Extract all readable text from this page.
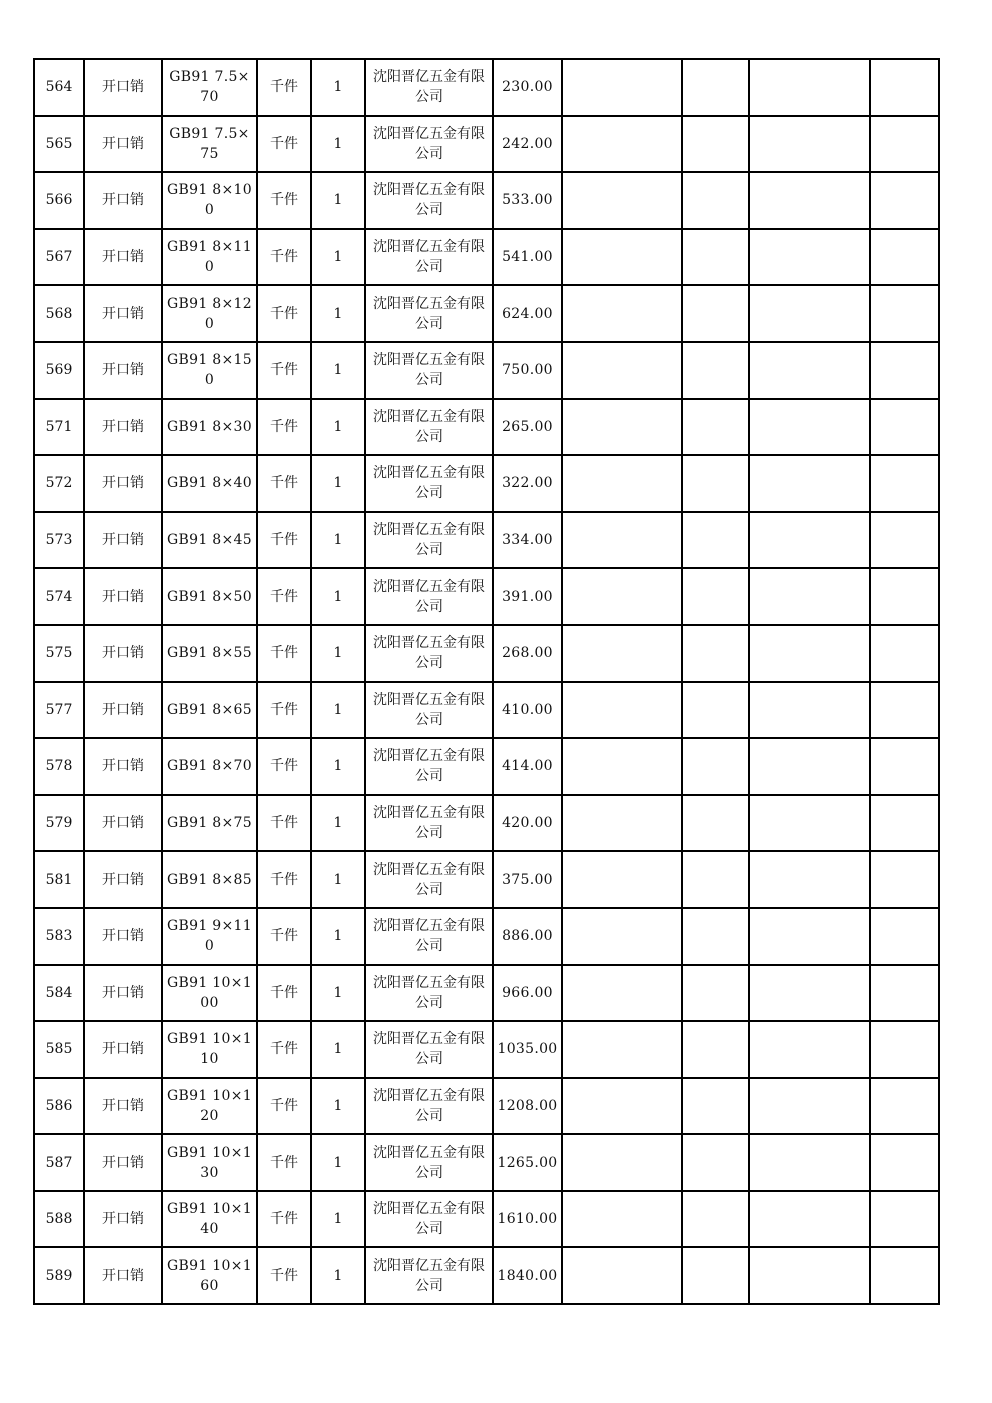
564	开口销	GB91 7.5×70	千件	1	沈阳晋亿五金有限公司	230.00				
565	开口销	GB91 7.5×75	千件	1	沈阳晋亿五金有限公司	242.00				
566	开口销	GB91 8×100	千件	1	沈阳晋亿五金有限公司	533.00				
567	开口销	GB91 8×110	千件	1	沈阳晋亿五金有限公司	541.00				
568	开口销	GB91 8×120	千件	1	沈阳晋亿五金有限公司	624.00				
569	开口销	GB91 8×150	千件	1	沈阳晋亿五金有限公司	750.00				
571	开口销	GB91 8×30	千件	1	沈阳晋亿五金有限公司	265.00				
572	开口销	GB91 8×40	千件	1	沈阳晋亿五金有限公司	322.00				
573	开口销	GB91 8×45	千件	1	沈阳晋亿五金有限公司	334.00				
574	开口销	GB91 8×50	千件	1	沈阳晋亿五金有限公司	391.00				
575	开口销	GB91 8×55	千件	1	沈阳晋亿五金有限公司	268.00				
577	开口销	GB91 8×65	千件	1	沈阳晋亿五金有限公司	410.00				
578	开口销	GB91 8×70	千件	1	沈阳晋亿五金有限公司	414.00				
579	开口销	GB91 8×75	千件	1	沈阳晋亿五金有限公司	420.00				
581	开口销	GB91 8×85	千件	1	沈阳晋亿五金有限公司	375.00				
583	开口销	GB91 9×110	千件	1	沈阳晋亿五金有限公司	886.00				
584	开口销	GB91 10×100	千件	1	沈阳晋亿五金有限公司	966.00				
585	开口销	GB91 10×110	千件	1	沈阳晋亿五金有限公司	1035.00				
586	开口销	GB91 10×120	千件	1	沈阳晋亿五金有限公司	1208.00				
587	开口销	GB91 10×130	千件	1	沈阳晋亿五金有限公司	1265.00				
588	开口销	GB91 10×140	千件	1	沈阳晋亿五金有限公司	1610.00				
589	开口销	GB91 10×160	千件	1	沈阳晋亿五金有限公司	1840.00				
